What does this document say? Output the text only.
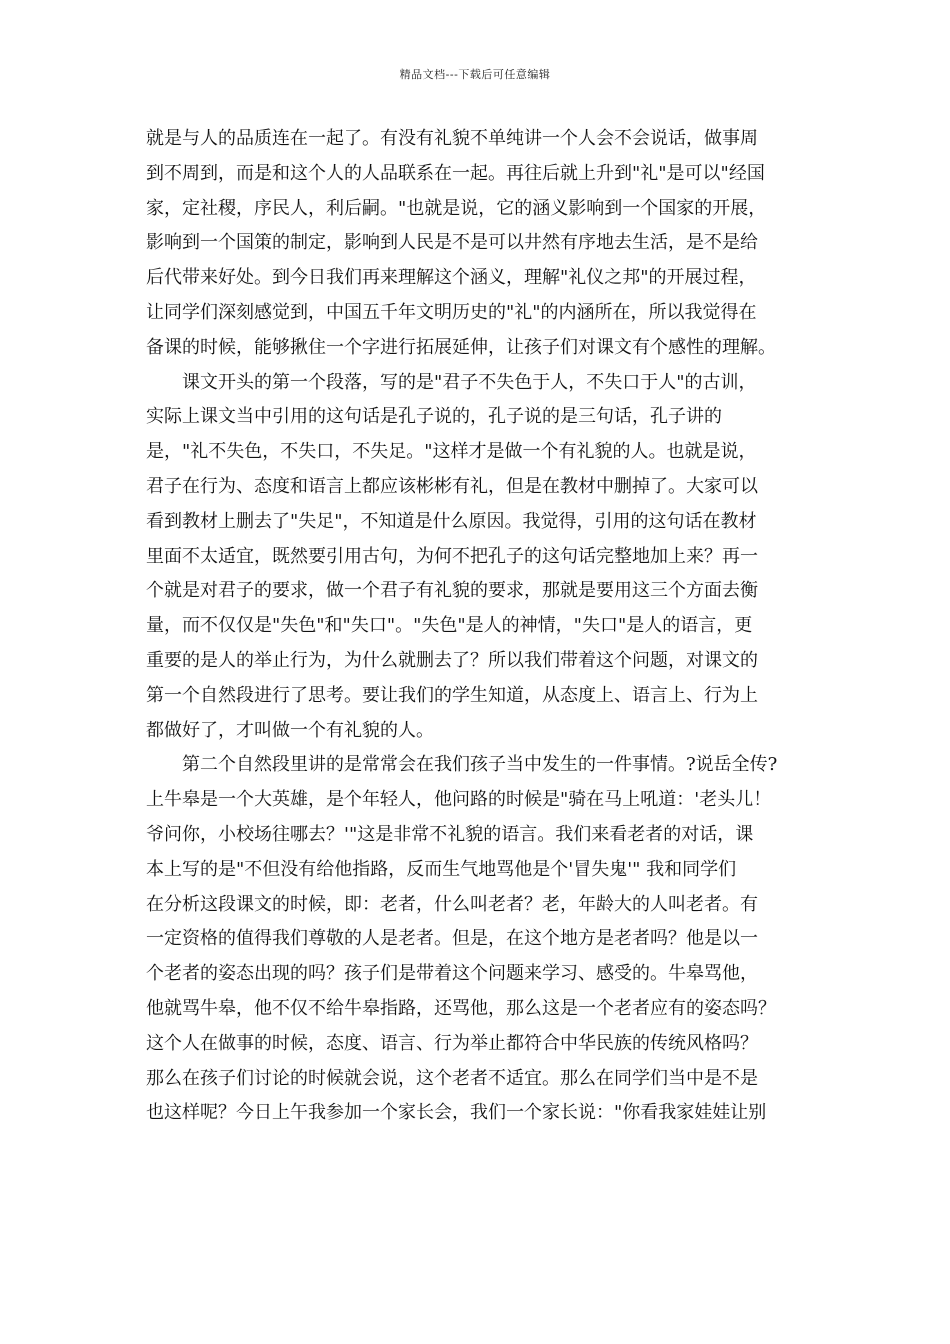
精品文档---下载后可任意编辑
就是与人的品质连在一起了。有没有礼貌不单纯讲一个人会不会说话，做事周
到不周到，而是和这个人的人品联系在一起。再往后就上升到"礼"是可以"经国
家，定社稷，序民人，利后嗣。"也就是说，它的涵义影响到一个国家的开展，
影响到一个国策的制定，影响到人民是不是可以井然有序地去生活，是不是给
后代带来好处。到今日我们再来理解这个涵义，理解"礼仪之邦"的开展过程，
让同学们深刻感觉到，中国五千年文明历史的"礼"的内涵所在，所以我觉得在
备课的时候，能够揪住一个字进行拓展延伸，让孩子们对课文有个感性的理解。
课文开头的第一个段落，写的是"君子不失色于人，不失口于人"的古训，
实际上课文当中引用的这句话是孔子说的，孔子说的是三句话，孔子讲的
是，"礼不失色，不失口，不失足。"这样才是做一个有礼貌的人。也就是说，
君子在行为、态度和语言上都应该彬彬有礼，但是在教材中删掉了。大家可以
看到教材上删去了"失足"，不知道是什么原因。我觉得，引用的这句话在教材
里面不太适宜，既然要引用古句，为何不把孔子的这句话完整地加上来？再一
个就是对君子的要求，做一个君子有礼貌的要求，那就是要用这三个方面去衡
量，而不仅仅是"失色"和"失口"。"失色"是人的神情，"失口"是人的语言，更
重要的是人的举止行为，为什么就删去了？所以我们带着这个问题，对课文的
第一个自然段进行了思考。要让我们的学生知道，从态度上、语言上、行为上
都做好了，才叫做一个有礼貌的人。
第二个自然段里讲的是常常会在我们孩子当中发生的一件事情。?说岳全传?
上牛皋是一个大英雄，是个年轻人，他问路的时候是"骑在马上吼道：'老头儿！
爷问你，小校场往哪去？'"这是非常不礼貌的语言。我们来看老者的对话，课
本上写的是"不但没有给他指路，反而生气地骂他是个'冒失鬼'" 我和同学们
在分析这段课文的时候，即：老者，什么叫老者？老，年龄大的人叫老者。有
一定资格的值得我们尊敬的人是老者。但是，在这个地方是老者吗？他是以一
个老者的姿态出现的吗？孩子们是带着这个问题来学习、感受的。牛皋骂他，
他就骂牛皋，他不仅不给牛皋指路，还骂他，那么这是一个老者应有的姿态吗？
这个人在做事的时候，态度、语言、行为举止都符合中华民族的传统风格吗？
那么在孩子们讨论的时候就会说，这个老者不适宜。那么在同学们当中是不是
也这样呢？今日上午我参加一个家长会，我们一个家长说："你看我家娃娃让别
